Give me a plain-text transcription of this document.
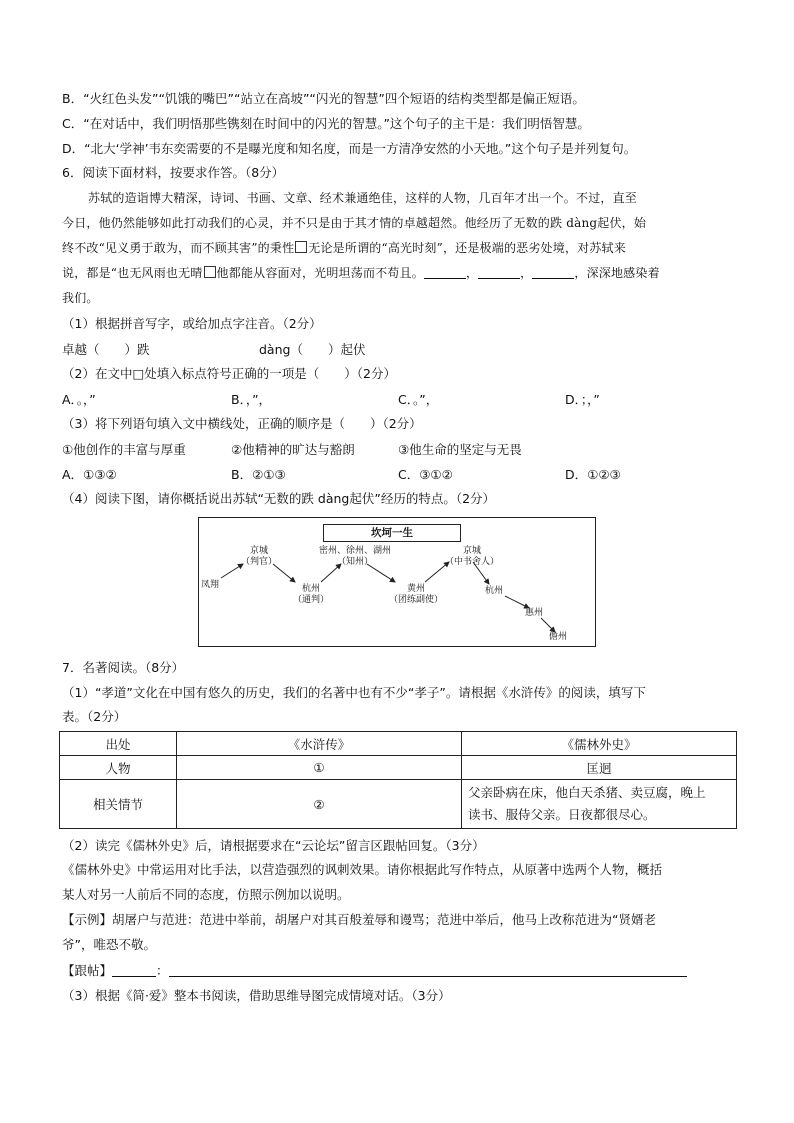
B．“火红色头发”“饥饿的嘴巴”“站立在高坡”“闪光的智慧”四个短语的结构类型都是偏正短语。
C．“在对话中，我们明悟那些镌刻在时间中的闪光的智慧。”这个句子的主干是：我们明悟智慧。
D．“北大‘学神’韦东奕需要的不是曝光度和知名度，而是一方清净安然的小天地。”这个句子是并列复句。
6．阅读下面材料，按要求作答。（8分）
苏轼的造诣博大精深，诗词、书画、文章、经术兼通绝佳，这样的人物，几百年才出一个。不过，直至
今日，他仍然能够如此打动我们的心灵，并不只是由于其才情的卓越超然。他经历了无数的跌 dàng起伏，始
终不改“见义勇于敢为，而不顾其害”的秉性 无论是所谓的“高光时刻”，还是极端的恶劣处境，对苏轼来
说，都是“也无风雨也无晴 他都能从容面对，光明坦荡而不苟且。	，	，	，深深地感染着
我们。
（1）根据拼音写字，或给加点字注音。（2分）
卓越（　　）跌	dàng（　　）起伏
（2）在文中□处填入标点符号正确的一项是（　　）（2分）
A．。，”	B．，”，	C．。”，	D．；，”
（3）将下列语句填入文中横线处，正确的顺序是（　　）（2分）
①他创作的丰富与厚重	②他精神的旷达与豁朗	③他生命的坚定与无畏
A．①③②	B．②①③	C．③①②	D．①②③
（4）阅读下图，请你概括说出苏轼“无数的跌 dàng起伏”经历的特点。（2分）
坎坷一生
凤翔
京城
（判官）
杭州
（通判）
密州、徐州、湖州
（知州）
黄州
（团练副使）
京城
（中书舍人）
杭州
惠州
儋州
7．名著阅读。（8分）
（1）“孝道”文化在中国有悠久的历史，我们的名著中也有不少“孝子”。请根据《水浒传》的阅读，填写下
表。（2分）
出处	《水浒传》	《儒林外史》
人物	①	匡迥
相关情节	②	父亲卧病在床，他白天杀猪、卖豆腐，晚上
读书、服侍父亲。日夜都很尽心。
（2）读完《儒林外史》后，请根据要求在“云论坛”留言区跟帖回复。（3分）
《儒林外史》中常运用对比手法，以营造强烈的讽刺效果。请你根据此写作特点，从原著中选两个人物，概括
某人对另一人前后不同的态度，仿照示例加以说明。
【示例】胡屠户与范进：范进中举前，胡屠户对其百般羞辱和谩骂；范进中举后，他马上改称范进为“贤婿老
爷”，唯恐不敬。
【跟帖】	：
（3）根据《简·爱》整本书阅读，借助思维导图完成情境对话。（3分）
